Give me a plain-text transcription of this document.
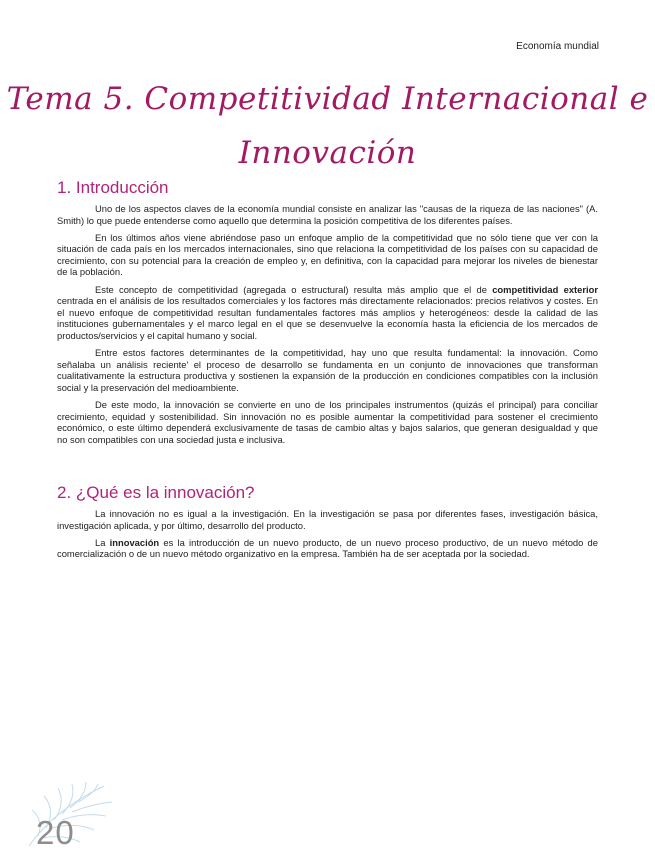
Economía mundial
Tema 5. Competitividad Internacional e
Innovación
1. Introducción

Uno de los aspectos claves de la economía mundial consiste en analizar las "causas de la riqueza de las naciones" (A. Smith) lo que puede entenderse como aquello que determina la posición competitiva de los diferentes países.

En los últimos años viene abriéndose paso un enfoque amplio de la competitividad que no sólo tiene que ver con la situación de cada país en los mercados internacionales, sino que relaciona la competitividad de los países con su capacidad de crecimiento, con su potencial para la creación de empleo y, en definitiva, con la capacidad para mejorar los niveles de bienestar de la población.

Este concepto de competitividad (agregada o estructural) resulta más amplio que el de competitividad exterior centrada en el análisis de los resultados comerciales y los factores más directamente relacionados: precios relativos y costes. En el nuevo enfoque de competitividad resultan fundamentales factores más amplios y heterogéneos: desde la calidad de las instituciones gubernamentales y el marco legal en el que se desenvuelve la economía hasta la eficiencia de los mercados de productos/servicios y el capital humano y social.

Entre estos factores determinantes de la competitividad, hay uno que resulta fundamental: la innovación. Como señalaba un análisis reciente' el proceso de desarrollo se fundamenta en un conjunto de innovaciones que transforman cualitativamente la estructura productiva y sostienen la expansión de la producción en condiciones compatibles con la inclusión social y la preservación del medioambiente.

De este modo, la innovación se convierte en uno de los principales instrumentos (quizás el principal) para conciliar crecimiento, equidad y sostenibilidad. Sin innovación no es posible aumentar la competitividad para sostener el crecimiento económico, o este último dependerá exclusivamente de tasas de cambio altas y bajos salarios, que generan desigualdad y que no son compatibles con una sociedad justa e inclusiva.

2. ¿Qué es la innovación?

La innovación no es igual a la investigación. En la investigación se pasa por diferentes fases, investigación básica, investigación aplicada, y por último, desarrollo del producto.

La innovación es la introducción de un nuevo producto, de un nuevo proceso productivo, de un nuevo método de comercialización o de un nuevo método organizativo en la empresa. También ha de ser aceptada por la sociedad.

20
